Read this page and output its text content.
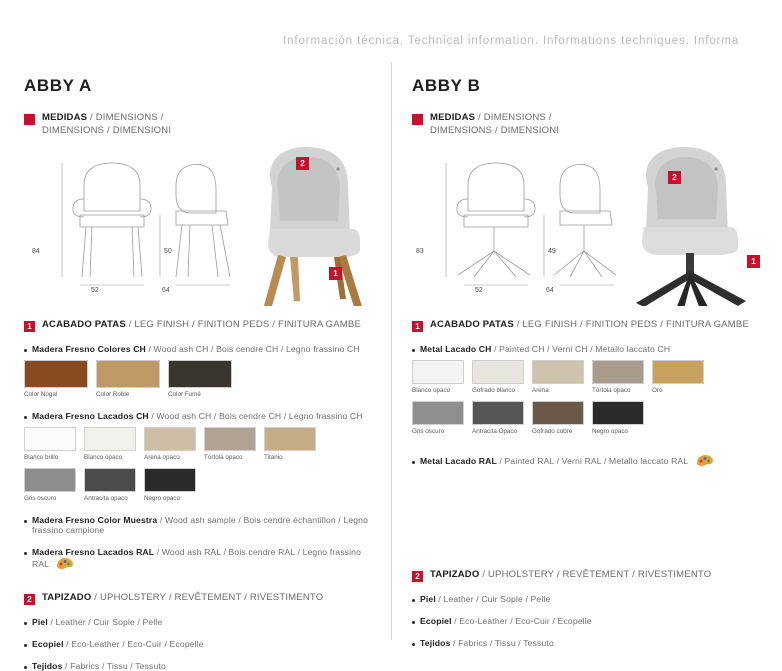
Información técnica. Technical information. Informations techniques. Informa
ABBY A
MEDIDAS / DIMENSIONS /
DIMENSIONS / DIMENSIONI
84	50
52	64
2
1
1	ACABADO PATAS / LEG FINISH / FINITION PEDS / FINITURA GAMBE
Madera Fresno Colores CH / Wood ash CH / Bois cendre CH / Legno frassino CH
Color Nogal	Color Roble	Color Fumé
Madera Fresno Lacados CH / Wood ash CH / Bois cendre CH / Legno frassino CH
Blanco brillo	Blanco opaco	Arena opaco	Tórtola opaco	Titanio
Gris oscuro	Antracita opaco	Negro opaco
Madera Fresno Color Muestra / Wood ash sample / Bois cendre échantillon / Legno frassino campione
Madera Fresno Lacados RAL / Wood ash RAL / Bois cendre RAL / Legno frassino RAL
2	TAPIZADO / UPHOLSTERY / REVÊTEMENT / RIVESTIMENTO
Piel / Leather / Cuir Sople / Pelle
Ecopiel / Eco-Leather / Eco-Cuir / Ecopelle
Tejidos / Fabrics / Tissu / Tessuto
ABBY B
MEDIDAS / DIMENSIONS /
DIMENSIONS / DIMENSIONI
83	49
52	64
2
1
1	ACABADO PATAS / LEG FINISH / FINITION PEDS / FINITURA GAMBE
Metal Lacado CH / Painted CH / Verni CH / Metallo laccato CH
Blanco opaco	Gofrado blanco	Arena	Tórtola opaco	Oro
Gris oscuro	Antracita Opaco	Gofrado cobre	Negro opaco
Metal Lacado RAL / Painted RAL / Verni RAL / Metallo laccato RAL
2	TAPIZADO / UPHOLSTERY / REVÊTEMENT / RIVESTIMENTO
Piel / Leather / Cuir Sople / Pelle
Ecopiel / Eco-Leather / Eco-Cuir / Ecopelle
Tejidos / Fabrics / Tissu / Tessuto
